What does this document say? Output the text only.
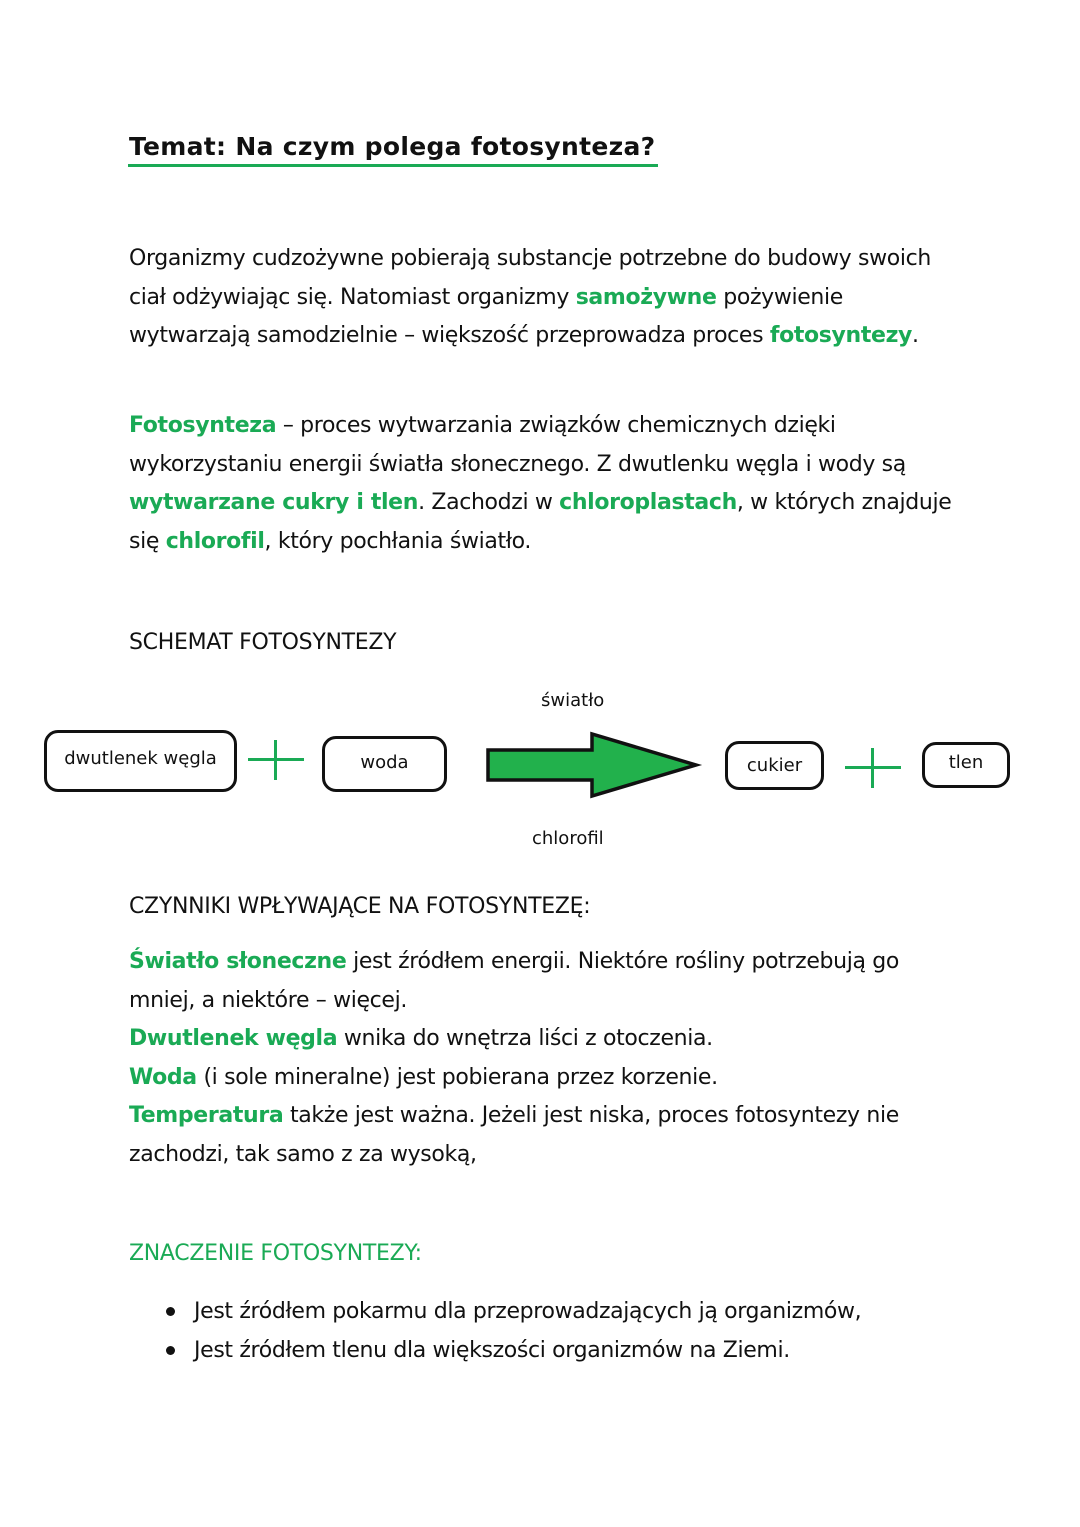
Temat: Na czym polega fotosynteza?
Organizmy cudzożywne pobierają substancje potrzebne do budowy swoich ciał odżywiając się. Natomiast organizmy samożywne pożywienie wytwarzają samodzielnie – większość przeprowadza proces fotosyntezy.
Fotosynteza – proces wytwarzania związków chemicznych dzięki wykorzystaniu energii światła słonecznego. Z dwutlenku węgla i wody są wytwarzane cukry i tlen. Zachodzi w chloroplastach, w których znajduje się chlorofil, który pochłania światło.
SCHEMAT FOTOSYNTEZY
dwutlenek węgla	woda
światło
chlorofil
cukier	tlen
CZYNNIKI WPŁYWAJĄCE NA FOTOSYNTEZĘ:
Światło słoneczne jest źródłem energii. Niektóre rośliny potrzebują go mniej, a niektóre – więcej.
Dwutlenek węgla wnika do wnętrza liści z otoczenia.
Woda (i sole mineralne) jest pobierana przez korzenie.
Temperatura także jest ważna. Jeżeli jest niska, proces fotosyntezy nie zachodzi, tak samo z za wysoką,
ZNACZENIE FOTOSYNTEZY:
Jest źródłem pokarmu dla przeprowadzających ją organizmów,
Jest źródłem tlenu dla większości organizmów na Ziemi.
